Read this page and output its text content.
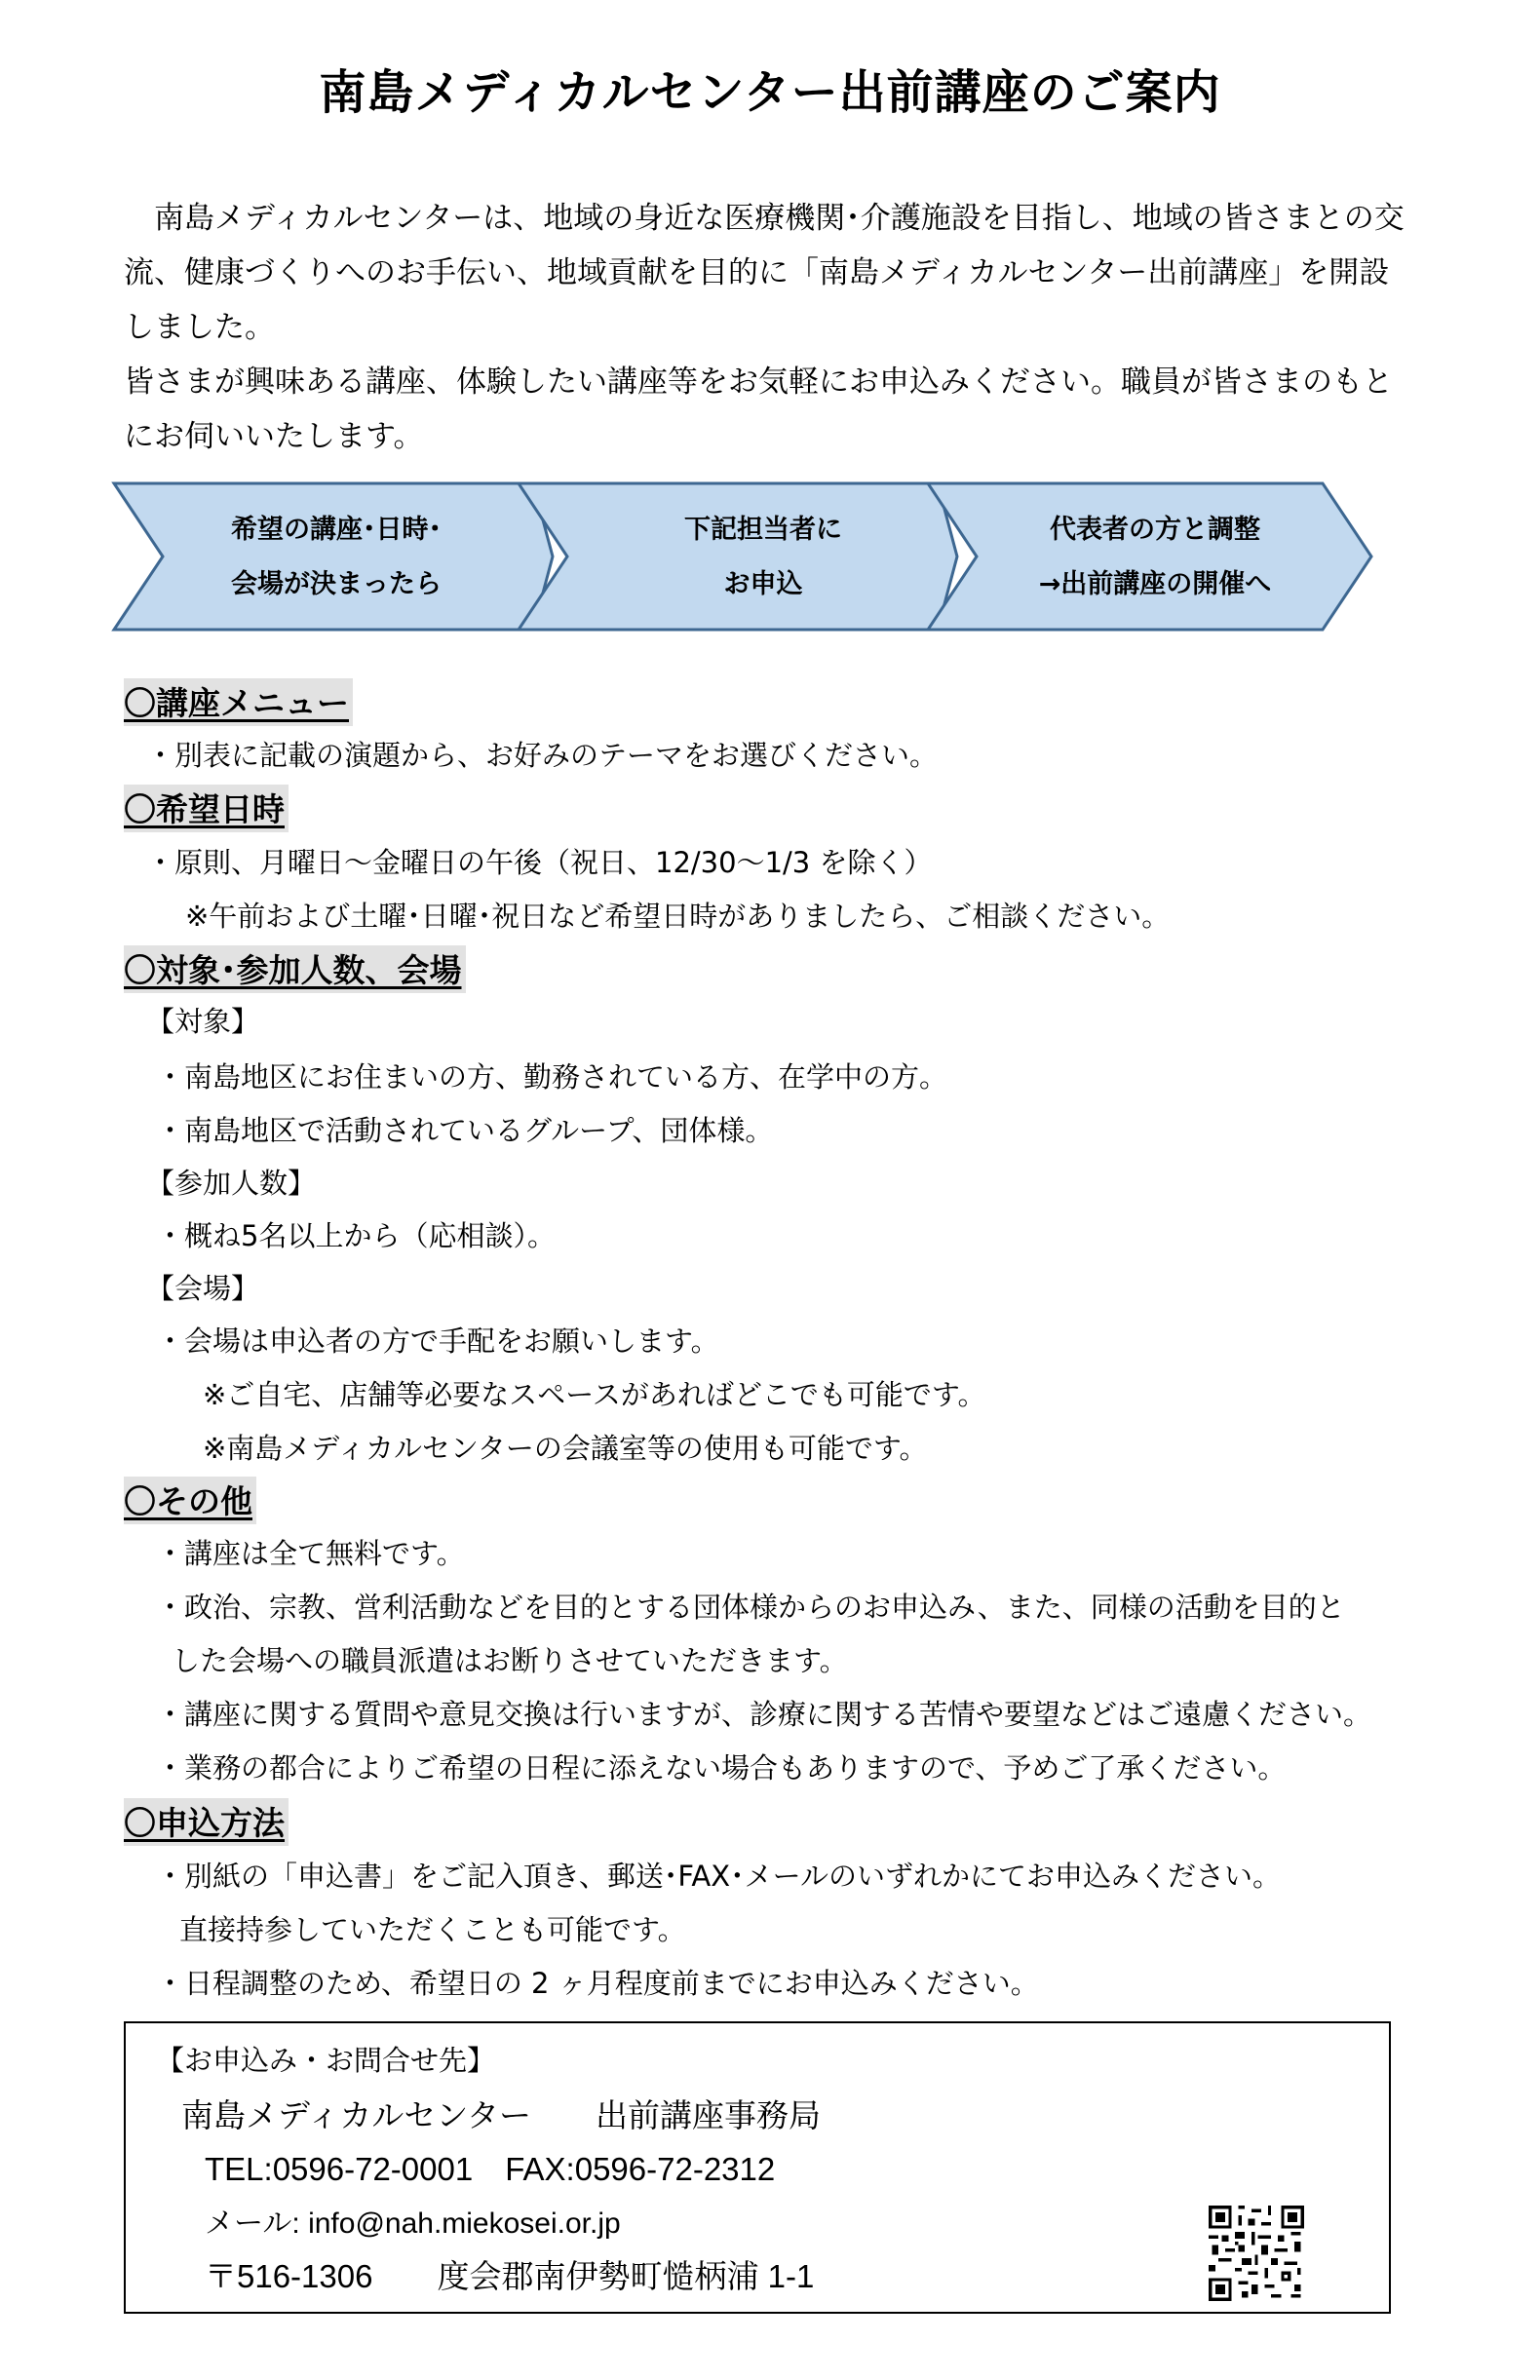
南島メディカルセンター出前講座のご案内
　南島メディカルセンターは、地域の身近な医療機関･介護施設を目指し、地域の皆さまとの交流、健康づくりへのお手伝い、地域貢献を目的に「南島メディカルセンター出前講座」を開設しました。
皆さまが興味ある講座、体験したい講座等をお気軽にお申込みください。職員が皆さまのもとにお伺いいたします。
希望の講座･日時･
会場が決まったら
下記担当者に
お申込
代表者の方と調整
→出前講座の開催へ
〇講座メニュー
・別表に記載の演題から、お好みのテーマをお選びください。
〇希望日時
・原則、月曜日～金曜日の午後（祝日、12/30～1/3 を除く）
※午前および土曜･日曜･祝日など希望日時がありましたら、ご相談ください。
〇対象･参加人数、会場
【対象】
・南島地区にお住まいの方、勤務されている方、在学中の方。
・南島地区で活動されているグループ、団体様。
【参加人数】
・概ね5名以上から（応相談）。
【会場】
・会場は申込者の方で手配をお願いします。
※ご自宅、店舗等必要なスペースがあればどこでも可能です。
※南島メディカルセンターの会議室等の使用も可能です。
〇その他
・講座は全て無料です。
・政治、宗教、営利活動などを目的とする団体様からのお申込み、また、同様の活動を目的と
した会場への職員派遣はお断りさせていただきます。
・講座に関する質問や意見交換は行いますが、診療に関する苦情や要望などはご遠慮ください。
・業務の都合によりご希望の日程に添えない場合もありますので、予めご了承ください。
〇申込方法
・別紙の「申込書」をご記入頂き、郵送･FAX･メールのいずれかにてお申込みください。
直接持参していただくことも可能です。
・日程調整のため、希望日の 2 ヶ月程度前までにお申込みください。
【お申込み・お問合せ先】
南島メディカルセンター　　出前講座事務局
TEL:0596-72-0001　FAX:0596-72-2312
メール: info@nah.miekosei.or.jp
〒516-1306　　度会郡南伊勢町慥柄浦 1-1
